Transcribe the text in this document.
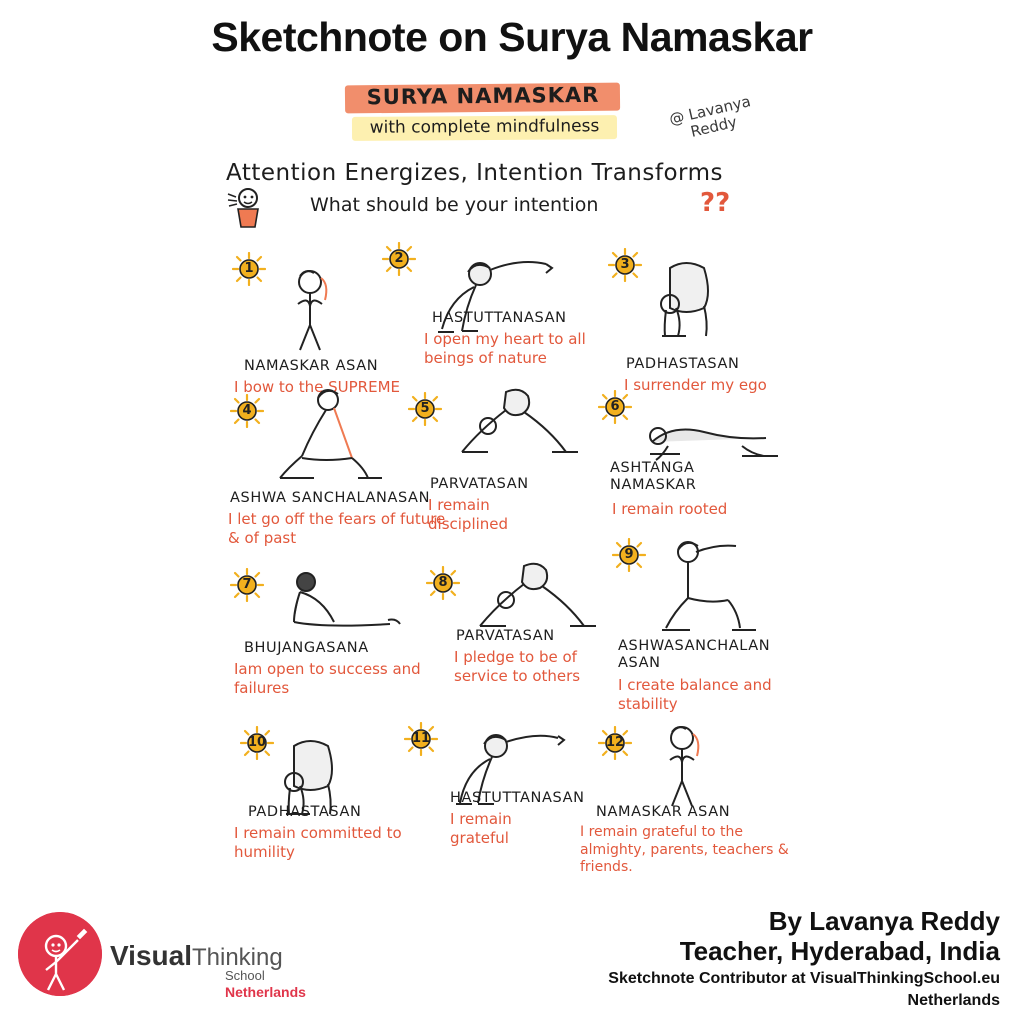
Sketchnote on Surya Namaskar
SURYA NAMASKAR
with complete mindfulness	@ Lavanya Reddy
Attention Energizes, Intention Transforms
What should be your intention	??
1
NAMASKAR ASAN
I bow to the SUPREME
2
HASTUTTANASAN
I open my heart to all beings of nature
3
PADHASTASAN
I surrender my ego
4
ASHWA SANCHALANASAN
I let go off the fears of future & of past
5
PARVATASAN
I remain disciplined
6
ASHTANGA NAMASKAR
I remain rooted
7
BHUJANGASANA
Iam open to success and failures
8
PARVATASAN
I pledge to be of service to others
9
ASHWASANCHALAN ASAN
I create balance and stability
10
PADHASTASAN
I remain committed to humility
11
HASTUTTANASAN
I remain grateful
12
NAMASKAR ASAN
I remain grateful to the almighty, parents, teachers & friends.
VisualThinking
School
Netherlands
By Lavanya Reddy
Teacher, Hyderabad, India
Sketchnote Contributor at VisualThinkingSchool.eu
Netherlands
